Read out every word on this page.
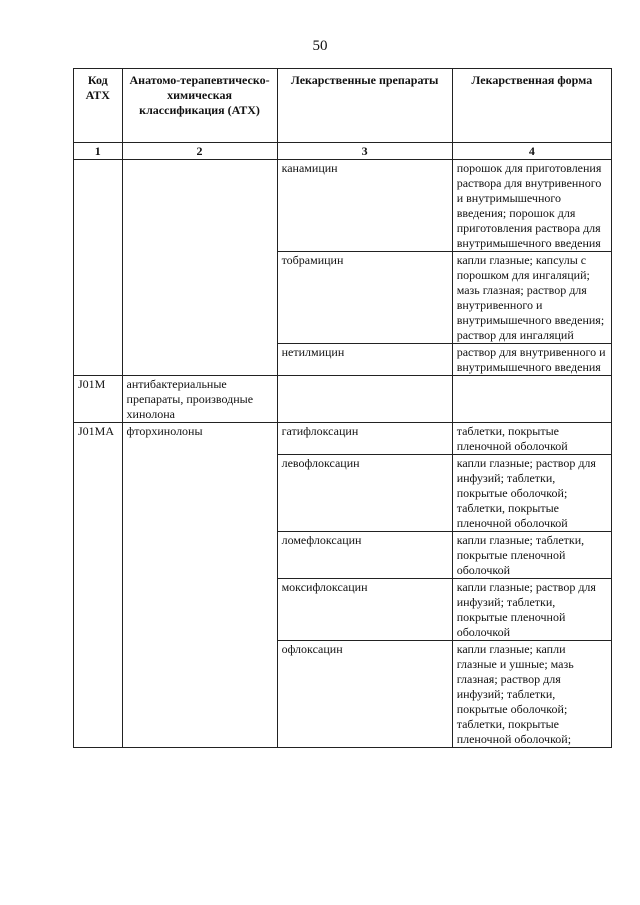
50
Код АТХ	Анатомо-терапевтическо-химическая классификация (АТХ)	Лекарственные препараты	Лекарственная форма
1	2	3	4
		канамицин	порошок для приготовления раствора для внутривенного и внутримышечного введения; порошок для приготовления раствора для внутримышечного введения
		тобрамицин	капли глазные; капсулы с порошком для ингаляций; мазь глазная; раствор для внутривенного и внутримышечного введения; раствор для ингаляций
		нетилмицин	раствор для внутривенного и внутримышечного введения
J01M	антибактериальные препараты, производные хинолона		
J01MA	фторхинолоны	гатифлоксацин	таблетки, покрытые пленочной оболочкой
		левофлоксацин	капли глазные; раствор для инфузий; таблетки, покрытые оболочкой; таблетки, покрытые пленочной оболочкой
		ломефлоксацин	капли глазные; таблетки, покрытые пленочной оболочкой
		моксифлоксацин	капли глазные; раствор для инфузий; таблетки, покрытые пленочной оболочкой
		офлоксацин	капли глазные; капли глазные и ушные; мазь глазная; раствор для инфузий; таблетки, покрытые оболочкой; таблетки, покрытые пленочной оболочкой;
